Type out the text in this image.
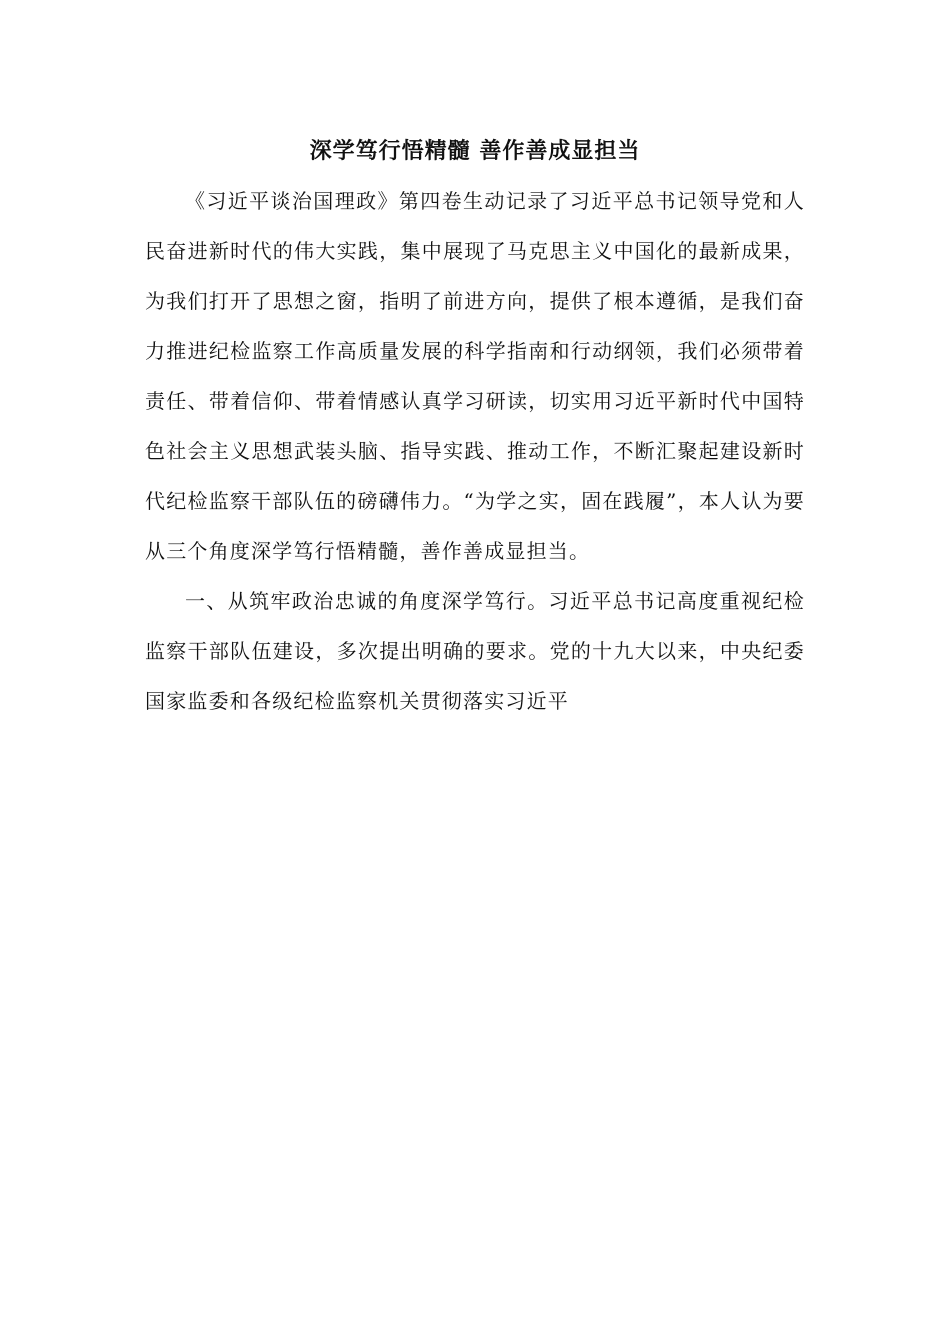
深学笃行悟精髓 善作善成显担当

《习近平谈治国理政》第四卷生动记录了习近平总书记领导党和人民奋进新时代的伟大实践，集中展现了马克思主义中国化的最新成果，为我们打开了思想之窗，指明了前进方向，提供了根本遵循，是我们奋力推进纪检监察工作高质量发展的科学指南和行动纲领，我们必须带着责任、带着信仰、带着情感认真学习研读，切实用习近平新时代中国特色社会主义思想武装头脑、指导实践、推动工作，不断汇聚起建设新时代纪检监察干部队伍的磅礴伟力。“为学之实，固在践履”，本人认为要从三个角度深学笃行悟精髓，善作善成显担当。

一、从筑牢政治忠诚的角度深学笃行。习近平总书记高度重视纪检监察干部队伍建设，多次提出明确的要求。党的十九大以来，中央纪委国家监委和各级纪检监察机关贯彻落实习近平
